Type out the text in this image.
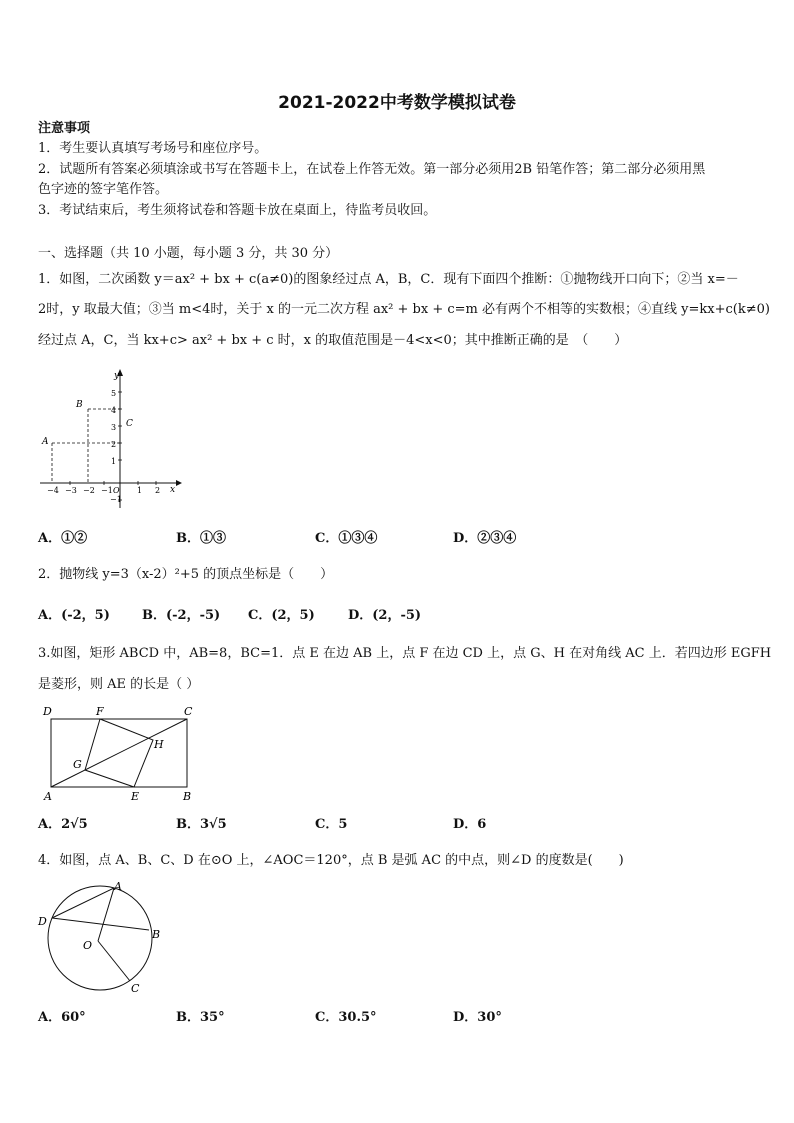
2021-2022中考数学模拟试卷
注意事项
1．考生要认真填写考场号和座位序号。
2．试题所有答案必须填涂或书写在答题卡上，在试卷上作答无效。第一部分必须用2B 铅笔作答；第二部分必须用黑
色字迹的签字笔作答。
3．考试结束后，考生须将试卷和答题卡放在桌面上，待监考员收回。
一、选择题（共 10 小题，每小题 3 分，共 30 分）
1．如图，二次函数 y＝ax² + bx + c(a≠0)的图象经过点 A，B，C．现有下面四个推断：①抛物线开口向下；②当 x=－
2时，y 取最大值；③当 m<4时，关于 x 的一元二次方程 ax² + bx + c=m 必有两个不相等的实数根；④直线 y=kx+c(k≠0)
经过点 A，C，当 kx+c> ax² + bx + c 时，x 的取值范围是－4<x<0；其中推断正确的是　（　　）
y
x
A
B
C
−4 −3 −2 −1 O 1 2
5
4
3
2
1
−1
A．①②	B．①③	C．①③④	D．②③④
2．抛物线 y=3（x-2）²+5 的顶点坐标是（　　）
A．(-2，5) B．(-2，-5) C．(2，5)	D．(2，-5)
3.如图，矩形 ABCD 中，AB=8，BC=1．点 E 在边 AB 上，点 F 在边 CD 上，点 G、H 在对角线 AC 上．若四边形 EGFH
是菱形，则 AE 的长是（ ）
D	F	C
H
G
A	E	B
A．2√5	B．3√5	C．5	D．6
4．如图，点 A、B、C、D 在⊙O 上，∠AOC＝120°，点 B 是弧 AC 的中点，则∠D 的度数是(　　)
A
D
B
O
C
A．60°	B．35°	C．30.5°	D．30°
